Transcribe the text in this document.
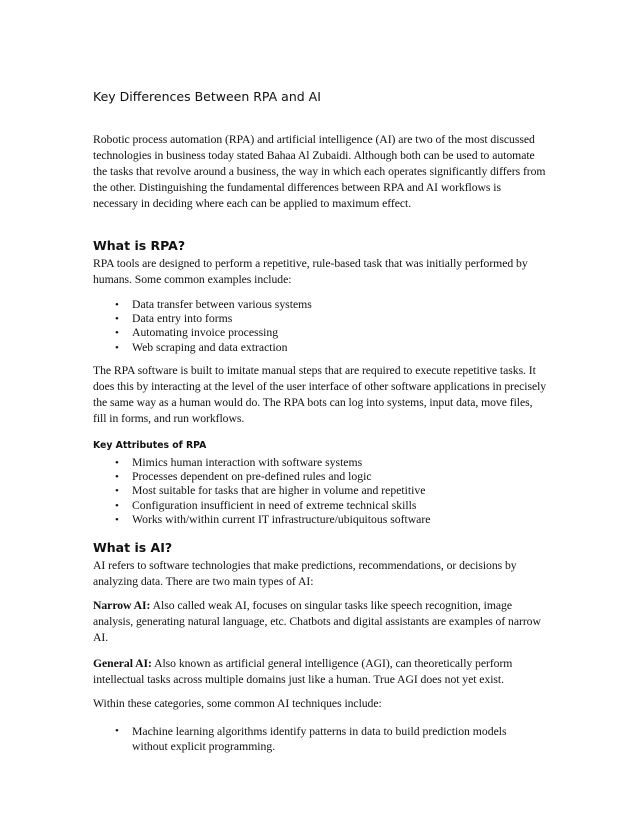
Key Differences Between RPA and AI

Robotic process automation (RPA) and artificial intelligence (AI) are two of the most discussed technologies in business today stated Bahaa Al Zubaidi. Although both can be used to automate the tasks that revolve around a business, the way in which each operates significantly differs from the other. Distinguishing the fundamental differences between RPA and AI workflows is necessary in deciding where each can be applied to maximum effect.

What is RPA?

RPA tools are designed to perform a repetitive, rule-based task that was initially performed by humans. Some common examples include:

• Data transfer between various systems
• Data entry into forms
• Automating invoice processing
• Web scraping and data extraction

The RPA software is built to imitate manual steps that are required to execute repetitive tasks. It does this by interacting at the level of the user interface of other software applications in precisely the same way as a human would do. The RPA bots can log into systems, input data, move files, fill in forms, and run workflows.

Key Attributes of RPA
• Mimics human interaction with software systems
• Processes dependent on pre-defined rules and logic
• Most suitable for tasks that are higher in volume and repetitive
• Configuration insufficient in need of extreme technical skills
• Works with/within current IT infrastructure/ubiquitous software
What is AI?

AI refers to software technologies that make predictions, recommendations, or decisions by analyzing data. There are two main types of AI:

Narrow AI: Also called weak AI, focuses on singular tasks like speech recognition, image analysis, generating natural language, etc. Chatbots and digital assistants are examples of narrow AI.

General AI: Also known as artificial general intelligence (AGI), can theoretically perform intellectual tasks across multiple domains just like a human. True AGI does not yet exist.

Within these categories, some common AI techniques include:

• Machine learning algorithms identify patterns in data to build prediction models without explicit programming.
